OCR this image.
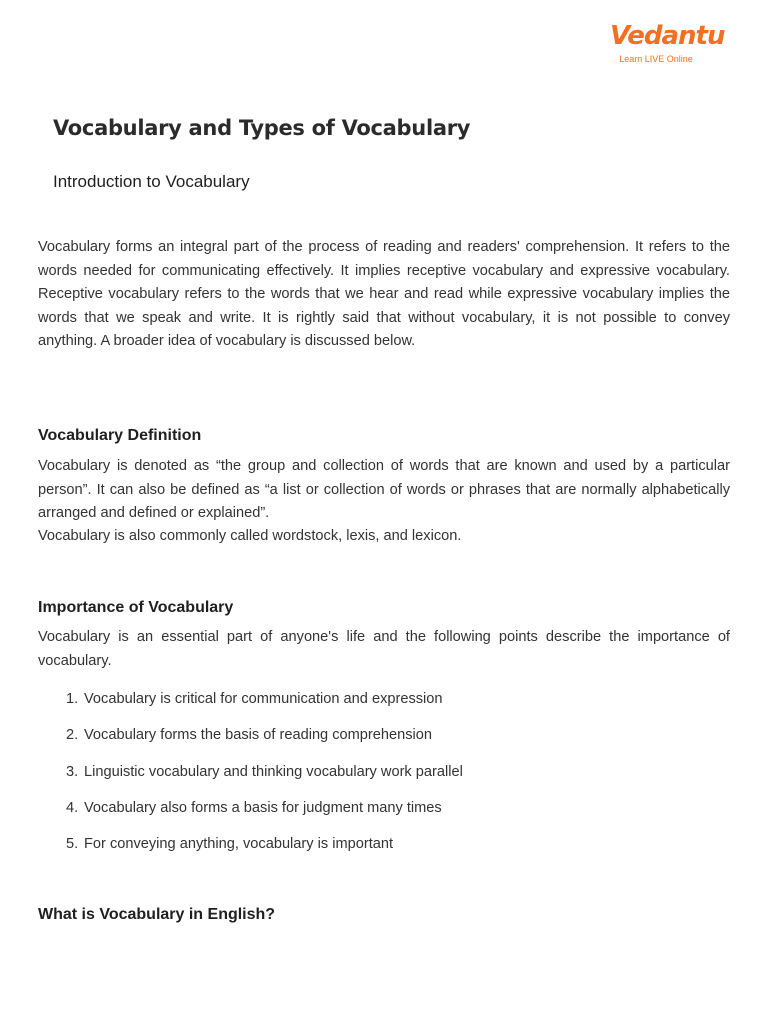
Vedantu
Learn LIVE Online
Vocabulary and Types of Vocabulary
Introduction to Vocabulary

Vocabulary forms an integral part of the process of reading and readers' comprehension. It refers to the words needed for communicating effectively. It implies receptive vocabulary and expressive vocabulary. Receptive vocabulary refers to the words that we hear and read while expressive vocabulary implies the words that we speak and write. It is rightly said that without vocabulary, it is not possible to convey anything. A broader idea of vocabulary is discussed below.

Vocabulary Definition

Vocabulary is denoted as “the group and collection of words that are known and used by a particular person”. It can also be defined as “a list or collection of words or phrases that are normally alphabetically arranged and defined or explained”.

Vocabulary is also commonly called wordstock, lexis, and lexicon.

Importance of Vocabulary

Vocabulary is an essential part of anyone's life and the following points describe the importance of vocabulary.

1. Vocabulary is critical for communication and expression
2. Vocabulary forms the basis of reading comprehension
3. Linguistic vocabulary and thinking vocabulary work parallel
4. Vocabulary also forms a basis for judgment many times
5. For conveying anything, vocabulary is important
What is Vocabulary in English?
